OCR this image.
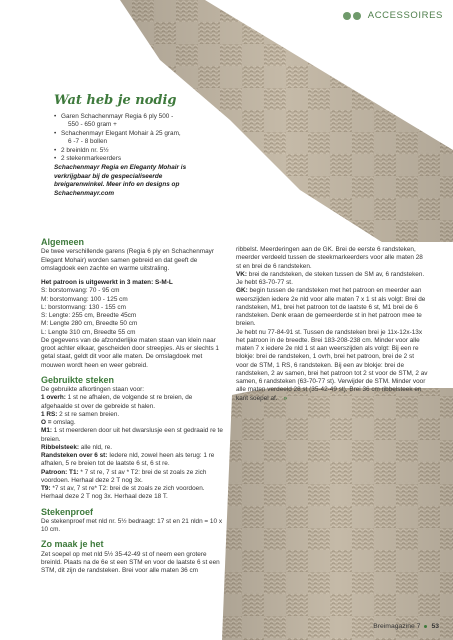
ACCESSOIRES
Wat heb je nodig
• Garen Schachenmayr Regia 6 ply 500 -
550 - 650 gram +
• Schachenmayr Elegant Mohair à 25 gram,
6 -7 - 8 bollen
• 2 breinldn nr. 5½
• 2 stekenmarkeerders

Schachenmayr Regia en Eleganty Mohair is verkrijgbaar bij de gespecialiseerde breigarenwinkel. Meer info en designs op Schachenmayr.com

Algemeen

De twee verschillende garens (Regia 6 ply en Schachenmayr Elegant Mohair) worden samen gebreid en dat geeft de omslagdoek een zachte en warme uitstraling.

Het patroon is uitgewerkt in 3 maten: S-M-L

S: borstomvang: 70 - 95 cm

M: borstomvang: 100 - 125 cm

L: borstomvang: 130 - 155 cm

S: Lengte: 255 cm, Breedte 45cm

M: Lengte 280 cm, Breedte 50 cm

L: Lengte 310 cm, Breedte 55 cm

De gegevens van de afzonderlijke maten staan van klein naar groot achter elkaar, gescheiden door streepjes. Als er slechts 1 getal staat, geldt dit voor alle maten. De omslagdoek met mouwen wordt heen en weer gebreid.

Gebruikte steken

De gebruikte afkortingen staan voor:

1 overh: 1 st ne afhalen, de volgende st re breien, de afgehaalde st over de gebreide st halen.

1 RS: 2 st re samen breien.

O = omslag.

M1: 1 st meerderen door uit het dwarslusje een st gedraaid re te breien.

Ribbelsteek: alle nld, re.

Randsteken over 6 st: Iedere nld, zowel heen als terug: 1 re afhalen, 5 re breien tot de laatste 6 st, 6 st re.

Patroon: T1: * 7 st re, 7 st av * T2: brei de st zoals ze zich voordoen. Herhaal deze 2 T nog 3x.

T9: *7 st av, 7 st re* T2: brei de st zoals ze zich voordoen. Herhaal deze 2 T nog 3x. Herhaal deze 18 T.

Stekenproef

De stekenproef met nld nr. 5½ bedraagt: 17 st en 21 nldn = 10 x 10 cm.

Zo maak je het

Zet soepel op met nld 5½ 35-42-49 st of neem een grotere breinld. Plaats na de 6e st een STM en voor de laatste 6 st een STM, dit zijn de randsteken. Brei voor alle maten 36 cm

ribbelst. Meerderingen aan de GK. Brei de eerste 6 randsteken, meerder verdeeld tussen de steekmarkeerders voor alle maten 28 st en brei de 6 randsteken.

VK: brei de randsteken, de steken tussen de SM av, 6 randsteken. Je hebt 63-70-77 st.

GK: begin tussen de randsteken met het patroon en meerder aan weerszijden iedere 2e nld voor alle maten 7 x 1 st als volgt: Brei de randsteken, M1, brei het patroon tot de laatste 6 st, M1 brei de 6 randsteken. Denk eraan de gemeerderde st in het patroon mee te breien.

Je hebt nu 77-84-91 st. Tussen de randsteken brei je 11x-12x-13x het patroon in de breedte. Brei 183-208-238 cm. Minder voor alle maten 7 x iedere 2e nld 1 st aan weerszijden als volgt: Bij een re blokje: brei de randsteken, 1 ovrh, brei het patroon, brei de 2 st voor de STM, 1 RS, 6 randsteken. Bij een av blokje: brei de randsteken, 2 av samen, brei het patroon tot 2 st voor de STM, 2 av samen, 6 randsteken (63-70-77 st). Verwijder de STM. Minder voor alle maten verdeeld 28 st (35-42-49 st). Brei 36 cm ribbelsteek en kant soepel af. »

Breimagazine 7 53
